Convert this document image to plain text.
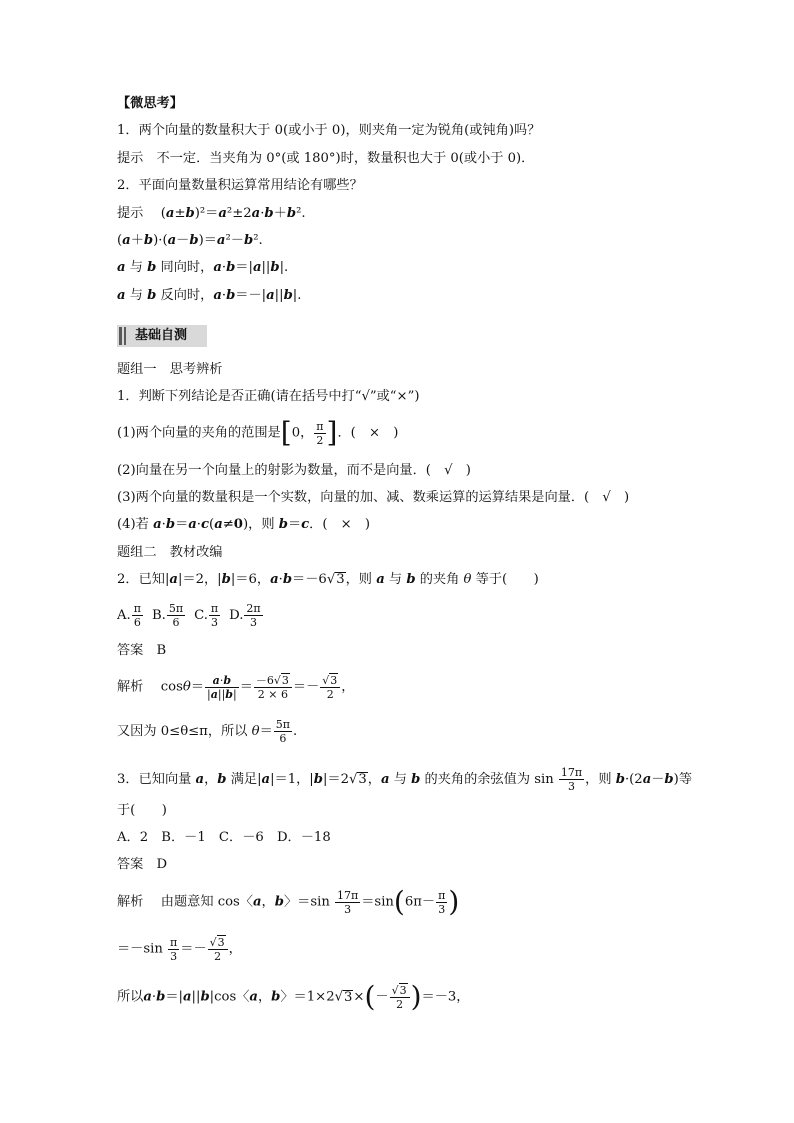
【微思考】
1．两个向量的数量积大于 0(或小于 0)，则夹角一定为锐角(或钝角)吗？
提示　不一定．当夹角为 0°(或 180°)时，数量积也大于 0(或小于 0)．
2．平面向量数量积运算常用结论有哪些？
提示　 (a±b)²＝a²±2a·b＋b².
(a＋b)·(a－b)＝a²－b².
a 与 b 同向时，a·b＝|a||b|.
a 与 b 反向时，a·b＝－|a||b|.
基础自测
题组一　思考辨析
1．判断下列结论是否正确(请在括号中打“√”或“×”)
(1)两个向量的夹角的范围是[0， $\frac{\pi}{2}$ ]．(　×　)
(2)向量在另一个向量上的射影为数量，而不是向量．(　√　)
(3)两个向量的数量积是一个实数，向量的加、减、数乘运算的运算结果是向量．(　√　)
(4)若 a·b＝a·c(a≠0)，则 b＝c．(　×　)
题组二　教材改编
2．已知|a|＝2，|b|＝6，a·b＝－6√3，则 a 与 b 的夹角 θ 等于(　　)
A. $\frac{\pi}{6} B$. $\frac{5\pi}{6} C$. $\frac{\pi}{3} D$. $\frac{2\pi}{3}$
答案　B
解析　 $\cos\theta= \frac{a\cdot b}{|a||b|} = \frac{-6√3}{2 \times 6} =- \frac{√3}{2}$ ，
又因为 0≤θ≤π，所以 $\theta= \frac{5\pi}{6}$ .
3．已知向量 a，b 满足|a|＝1，|b|＝2√3，a 与 b 的夹角的余弦值为 $\sin \frac{17\pi}{3}$ ，则 b·(2a－b)等
于(　　)
A．2　B．－1　C．－6　D．－18
答案　D
解析　 由题意知 cos〈a，b〉$=\sin \frac{17\pi}{3} =\sin(6\pi- \frac{\pi}{3}$ )
$=-\sin \frac{\pi}{3} =- \frac{√3}{2}$ ，
所以a·b＝|a||b|cos〈a，b〉$=1\times 2√3\times(- \frac{√3}{2} )=-3$，
